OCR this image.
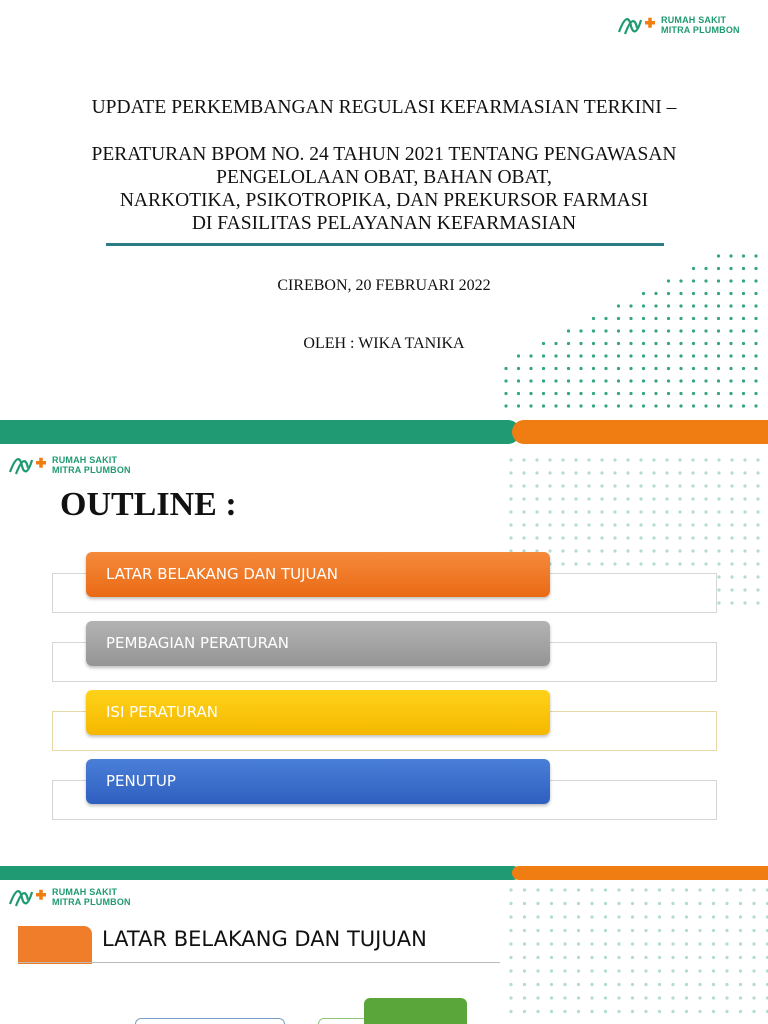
RUMAH SAKIT
MITRA PLUMBON
UPDATE PERKEMBANGAN REGULASI KEFARMASIAN TERKINI –
PERATURAN BPOM NO. 24 TAHUN 2021 TENTANG PENGAWASAN
PENGELOLAAN OBAT, BAHAN OBAT,
NARKOTIKA, PSIKOTROPIKA, DAN PREKURSOR FARMASI
DI FASILITAS PELAYANAN KEFARMASIAN
CIREBON, 20 FEBRUARI 2022
OLEH : WIKA TANIKA
RUMAH SAKIT
MITRA PLUMBON
OUTLINE :
LATAR BELAKANG DAN TUJUAN
PEMBAGIAN PERATURAN
ISI PERATURAN
PENUTUP
RUMAH SAKIT
MITRA PLUMBON
LATAR BELAKANG DAN TUJUAN
